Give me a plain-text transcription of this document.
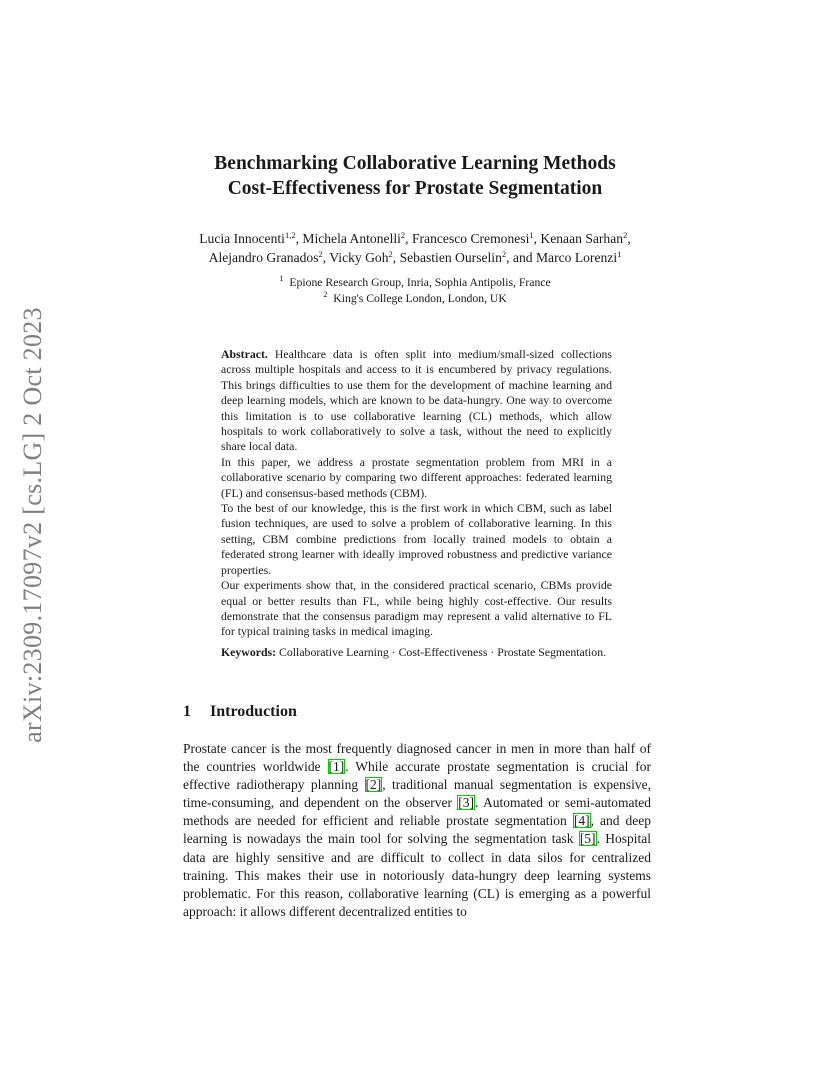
arXiv:2309.17097v2 [cs.LG] 2 Oct 2023
Benchmarking Collaborative Learning Methods
Cost-Effectiveness for Prostate Segmentation
Lucia Innocenti$^{1,2}$, Michela Antonelli$^2$, Francesco Cremonesi$^1$, Kenaan Sarhan$^2$,
Alejandro Granados$^2$, Vicky Goh$^2$, Sebastien Ourselin$^2$, and Marco Lorenzi$^1$
$^1$ Epione Research Group, Inria, Sophia Antipolis, France
$^2$ King's College London, London, UK

Abstract. Healthcare data is often split into medium/small-sized collections across multiple hospitals and access to it is encumbered by privacy regulations. This brings difficulties to use them for the development of machine learning and deep learning models, which are known to be data-hungry. One way to overcome this limitation is to use collaborative learning (CL) methods, which allow hospitals to work collaboratively to solve a task, without the need to explicitly share local data.

In this paper, we address a prostate segmentation problem from MRI in a collaborative scenario by comparing two different approaches: federated learning (FL) and consensus-based methods (CBM).

To the best of our knowledge, this is the first work in which CBM, such as label fusion techniques, are used to solve a problem of collaborative learning. In this setting, CBM combine predictions from locally trained models to obtain a federated strong learner with ideally improved robustness and predictive variance properties.

Our experiments show that, in the considered practical scenario, CBMs provide equal or better results than FL, while being highly cost-effective. Our results demonstrate that the consensus paradigm may represent a valid alternative to FL for typical training tasks in medical imaging.

Keywords: Collaborative Learning · Cost-Effectiveness · Prostate Segmentation.
1 Introduction
Prostate cancer is the most frequently diagnosed cancer in men in more than half of the countries worldwide [1]. While accurate prostate segmentation is crucial for effective radiotherapy planning [2], traditional manual segmentation is expensive, time-consuming, and dependent on the observer [3]. Automated or semi-automated methods are needed for efficient and reliable prostate segmentation [4], and deep learning is nowadays the main tool for solving the segmentation task [5]. Hospital data are highly sensitive and are difficult to collect in data silos for centralized training. This makes their use in notoriously data-hungry deep learning systems problematic. For this reason, collaborative learning (CL) is emerging as a powerful approach: it allows different decentralized entities to
